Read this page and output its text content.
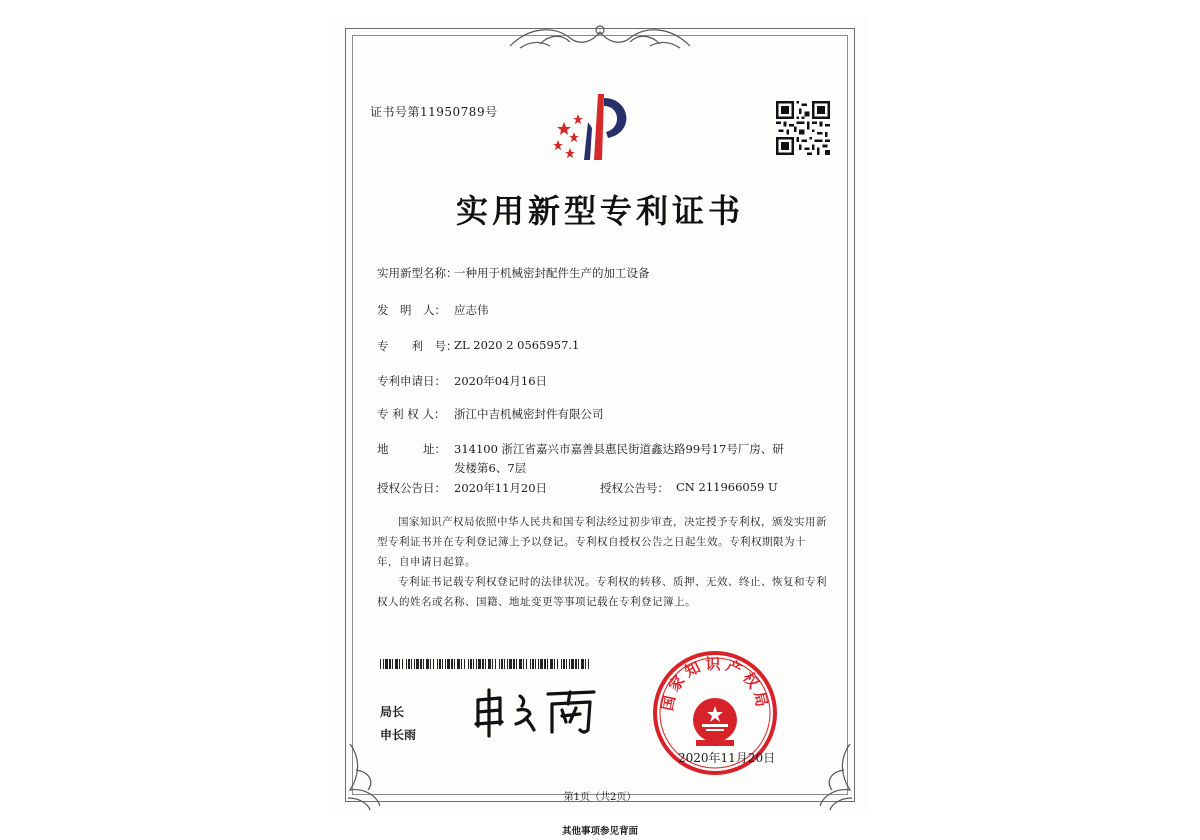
证书号第11950789号
实用新型专利证书
实用新型名称：
一种用于机械密封配件生产的加工设备
发　明　人： 应志伟
专　　利　号：
ZL 2020 2 0565957.1
专利申请日： 2020年04月16日
专 利 权 人： 浙江中吉机械密封件有限公司
地　　　址： 314100 浙江省嘉兴市嘉善县惠民街道鑫达路99号17号厂房、研发楼第6、7层
授权公告日： 2020年11月20日	授权公告号： CN 211966059 U
国家知识产权局依照中华人民共和国专利法经过初步审查，决定授予专利权，颁发实用新型专利证书并在专利登记簿上予以登记。专利权自授权公告之日起生效。专利权期限为十年，自申请日起算。
专利证书记载专利权登记时的法律状况。专利权的转移、质押、无效、终止、恢复和专利权人的姓名或名称、国籍、地址变更等事项记载在专利登记簿上。
局长
申长雨
国家知识产权局
2020年11月20日
第1页（共2页）
其他事项参见背面
